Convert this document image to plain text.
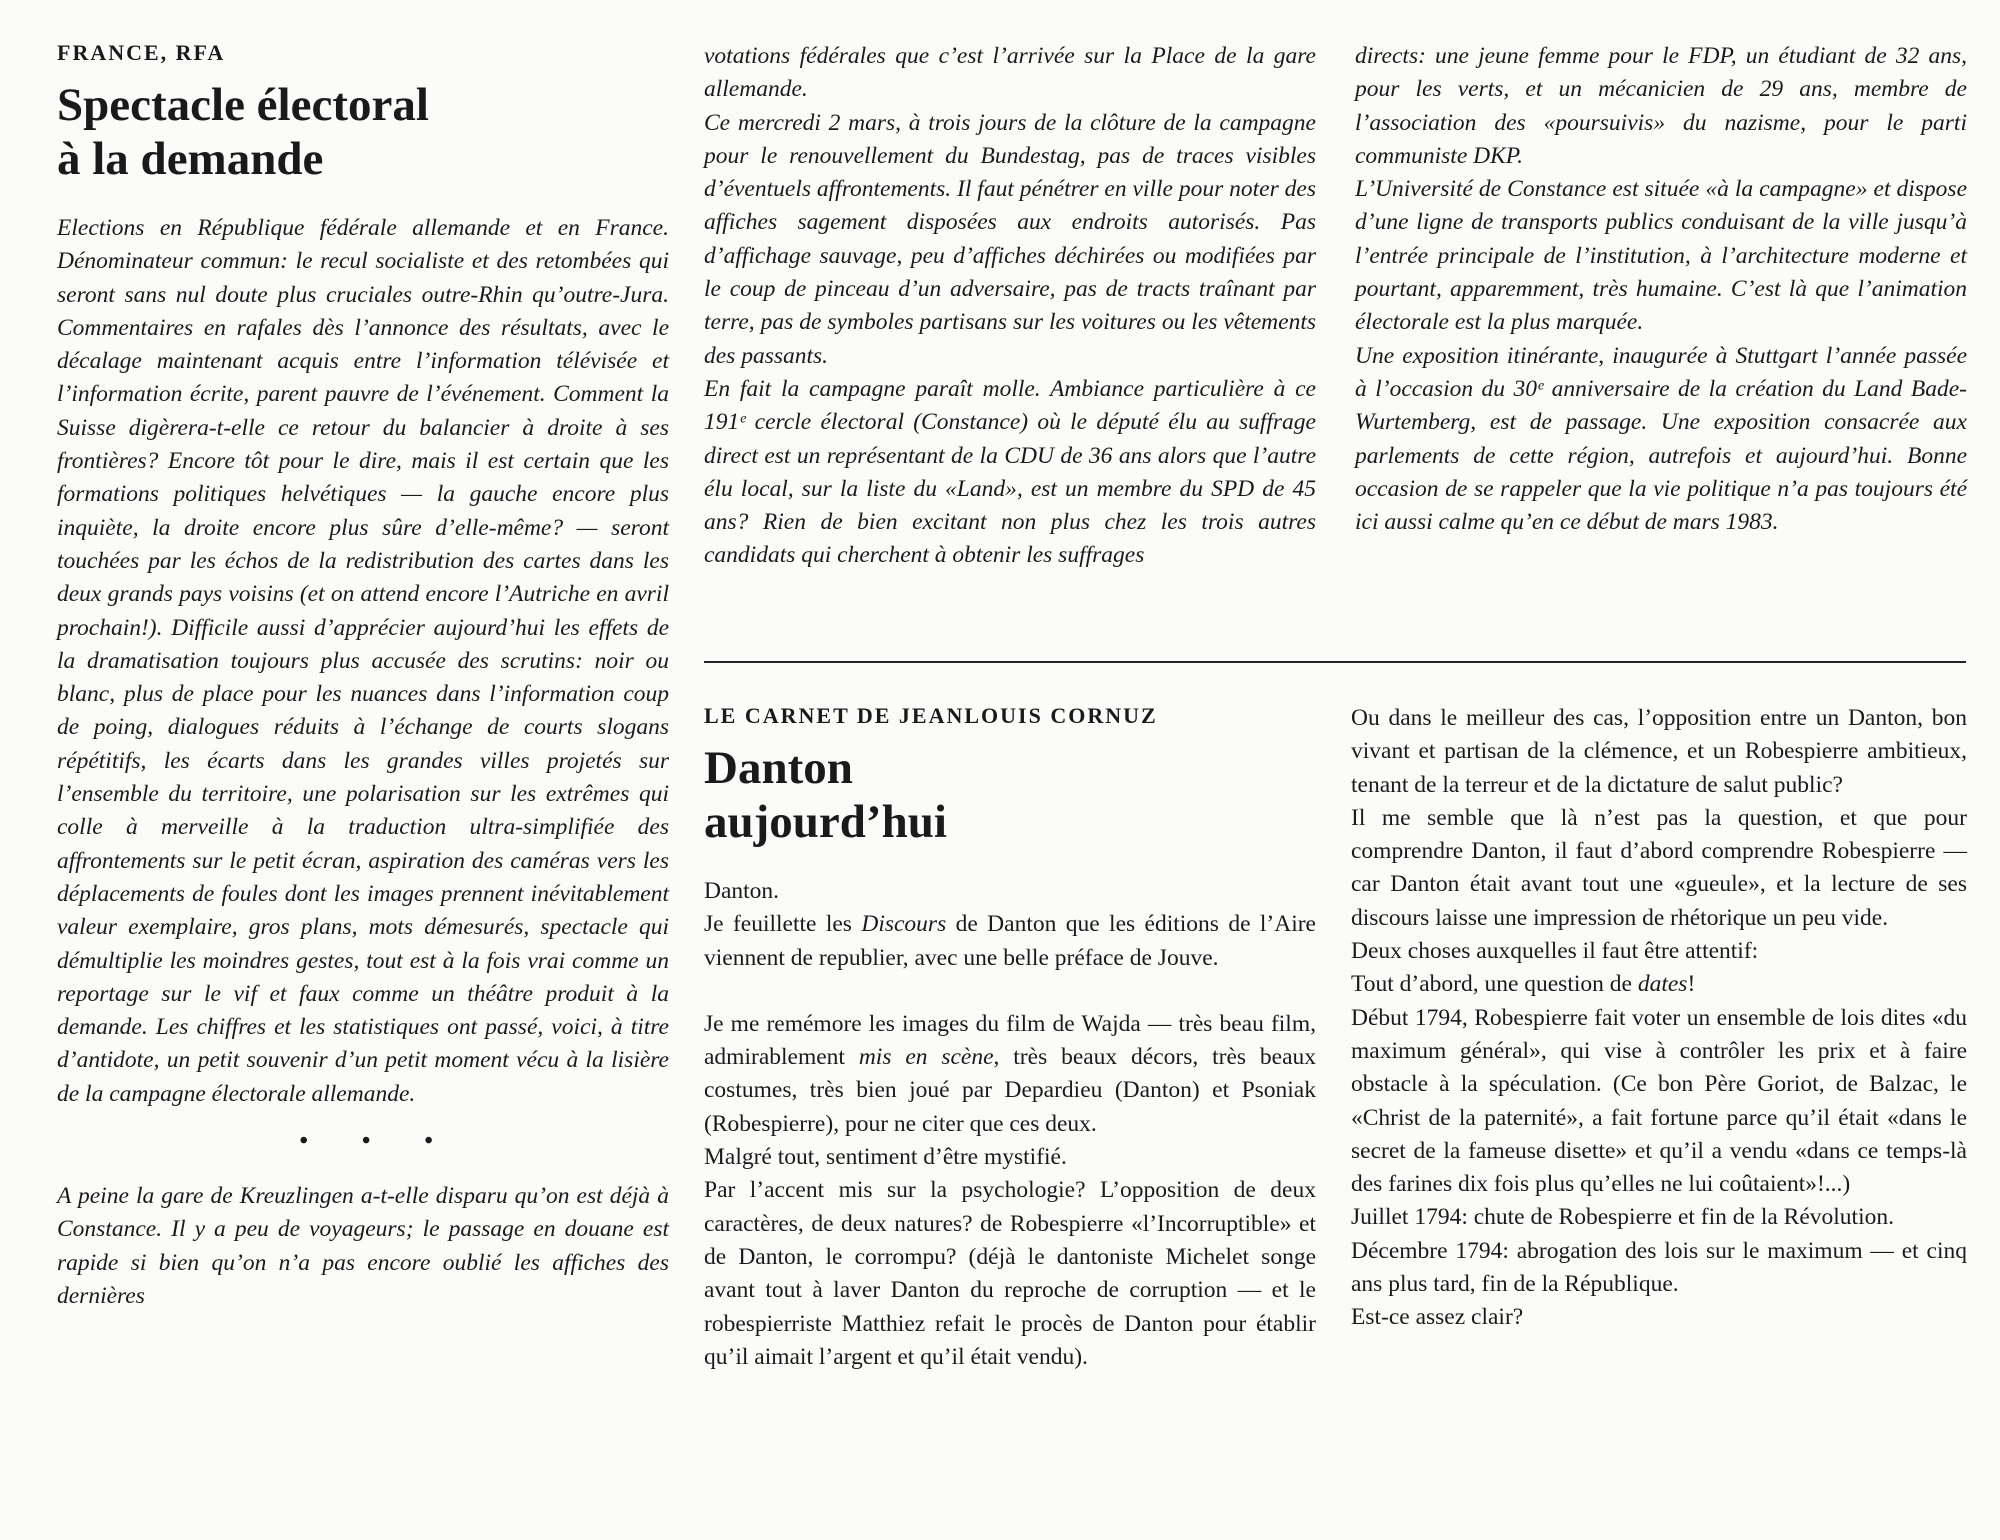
FRANCE, RFA
Spectacle électoral
à la demande

Elections en République fédérale allemande et en France. Dénominateur commun: le recul socialiste et des retombées qui seront sans nul doute plus cruciales outre-Rhin qu’outre-Jura. Commentaires en rafales dès l’annonce des résultats, avec le décalage maintenant acquis entre l’information télévisée et l’information écrite, parent pauvre de l’événement. Comment la Suisse digèrera-t-elle ce retour du balancier à droite à ses frontières? Encore tôt pour le dire, mais il est certain que les formations politiques helvétiques — la gauche encore plus inquiète, la droite encore plus sûre d’elle-même? — seront touchées par les échos de la redistribution des cartes dans les deux grands pays voisins (et on attend encore l’Autriche en avril prochain!). Difficile aussi d’apprécier aujourd’hui les effets de la dramatisation toujours plus accusée des scrutins: noir ou blanc, plus de place pour les nuances dans l’information coup de poing, dialogues réduits à l’échange de courts slogans répétitifs, les écarts dans les grandes villes projetés sur l’ensemble du territoire, une polarisation sur les extrêmes qui colle à merveille à la traduction ultra-simplifiée des affrontements sur le petit écran, aspiration des caméras vers les déplacements de foules dont les images prennent inévitablement valeur exemplaire, gros plans, mots démesurés, spectacle qui démultiplie les moindres gestes, tout est à la fois vrai comme un reportage sur le vif et faux comme un théâtre produit à la demande. Les chiffres et les statistiques ont passé, voici, à titre d’antidote, un petit souvenir d’un petit moment vécu à la lisière de la campagne électorale allemande.

• • •

A peine la gare de Kreuzlingen a-t-elle disparu qu’on est déjà à Constance. Il y a peu de voyageurs; le passage en douane est rapide si bien qu’on n’a pas encore oublié les affiches des dernières

votations fédérales que c’est l’arrivée sur la Place de la gare allemande.

Ce mercredi 2 mars, à trois jours de la clôture de la campagne pour le renouvellement du Bundestag, pas de traces visibles d’éventuels affrontements. Il faut pénétrer en ville pour noter des affiches sagement disposées aux endroits autorisés. Pas d’affichage sauvage, peu d’affiches déchirées ou modifiées par le coup de pinceau d’un adversaire, pas de tracts traînant par terre, pas de symboles partisans sur les voitures ou les vêtements des passants.

En fait la campagne paraît molle. Ambiance particulière à ce 191ᵉ cercle électoral (Constance) où le député élu au suffrage direct est un représentant de la CDU de 36 ans alors que l’autre élu local, sur la liste du «Land», est un membre du SPD de 45 ans? Rien de bien excitant non plus chez les trois autres candidats qui cherchent à obtenir les suffrages

directs: une jeune femme pour le FDP, un étudiant de 32 ans, pour les verts, et un mécanicien de 29 ans, membre de l’association des «poursuivis» du nazisme, pour le parti communiste DKP.

L’Université de Constance est située «à la campagne» et dispose d’une ligne de transports publics conduisant de la ville jusqu’à l’entrée principale de l’institution, à l’architecture moderne et pourtant, apparemment, très humaine. C’est là que l’animation électorale est la plus marquée.

Une exposition itinérante, inaugurée à Stuttgart l’année passée à l’occasion du 30ᵉ anniversaire de la création du Land Bade-Wurtemberg, est de passage. Une exposition consacrée aux parlements de cette région, autrefois et aujourd’hui. Bonne occasion de se rappeler que la vie politique n’a pas toujours été ici aussi calme qu’en ce début de mars 1983.

LE CARNET DE JEANLOUIS CORNUZ
Danton
aujourd’hui

Danton.

Je feuillette les Discours de Danton que les éditions de l’Aire viennent de republier, avec une belle préface de Jouve.

Je me remémore les images du film de Wajda — très beau film, admirablement mis en scène, très beaux décors, très beaux costumes, très bien joué par Depardieu (Danton) et Psoniak (Robespierre), pour ne citer que ces deux.

Malgré tout, sentiment d’être mystifié.

Par l’accent mis sur la psychologie? L’opposition de deux caractères, de deux natures? de Robespierre «l’Incorruptible» et de Danton, le corrompu? (déjà le dantoniste Michelet songe avant tout à laver Danton du reproche de corruption — et le robespierriste Matthiez refait le procès de Danton pour établir qu’il aimait l’argent et qu’il était vendu).

Ou dans le meilleur des cas, l’opposition entre un Danton, bon vivant et partisan de la clémence, et un Robespierre ambitieux, tenant de la terreur et de la dictature de salut public?

Il me semble que là n’est pas la question, et que pour comprendre Danton, il faut d’abord comprendre Robespierre — car Danton était avant tout une «gueule», et la lecture de ses discours laisse une impression de rhétorique un peu vide.

Deux choses auxquelles il faut être attentif:

Tout d’abord, une question de dates!

Début 1794, Robespierre fait voter un ensemble de lois dites «du maximum général», qui vise à contrôler les prix et à faire obstacle à la spéculation. (Ce bon Père Goriot, de Balzac, le «Christ de la paternité», a fait fortune parce qu’il était «dans le secret de la fameuse disette» et qu’il a vendu «dans ce temps-là des farines dix fois plus qu’elles ne lui coûtaient»!...)

Juillet 1794: chute de Robespierre et fin de la Révolution.

Décembre 1794: abrogation des lois sur le maximum — et cinq ans plus tard, fin de la République.

Est-ce assez clair?
